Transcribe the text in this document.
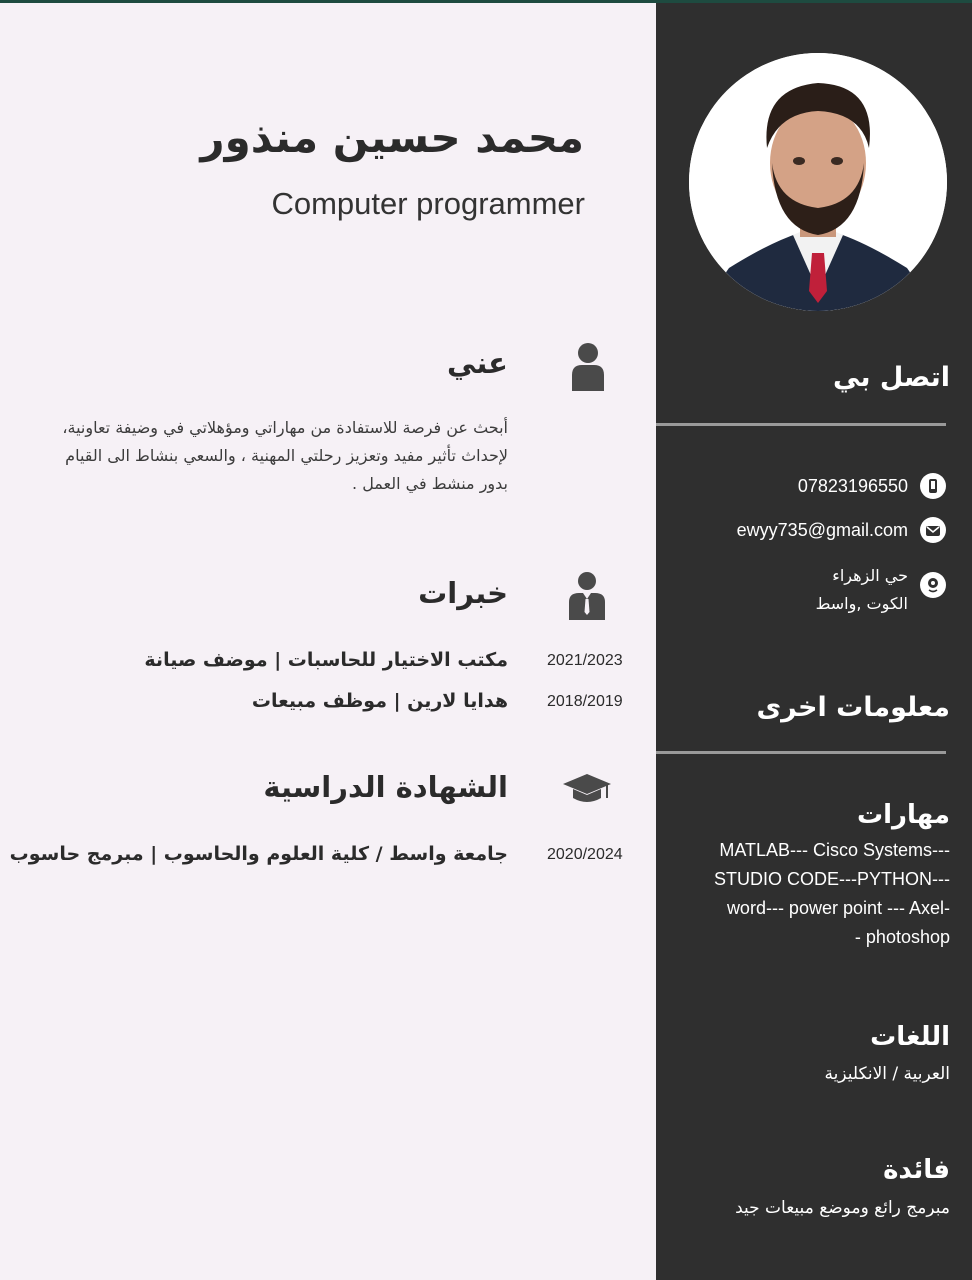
اتصل بي
07823196550
ewyy735@gmail.com
حي الزهراء
الكوت ,واسط
معلومات اخرى
مهارات
MATLAB--- Cisco Systems---
STUDIO CODE---PYTHON---
word--- power point --- Axel-
- photoshop
اللغات
العربية / الانكليزية
فائدة
مبرمج رائع وموضع مبيعات جيد
محمد حسين منذور
Computer programmer
عني
أبحث عن فرصة للاستفادة من مهاراتي ومؤهلاتي في وضيفة تعاونية، لإحداث تأثير مفيد وتعزيز رحلتي المهنية ، والسعي بنشاط الى القيام بدور منشط في العمل .
خبرات
2021/2023
مكتب الاختيار للحاسبات | موضف صيانة
2018/2019
هدايا لارين | موظف مبيعات
الشهادة الدراسية
2020/2024
جامعة واسط / كلية العلوم والحاسوب | مبرمج حاسوب
